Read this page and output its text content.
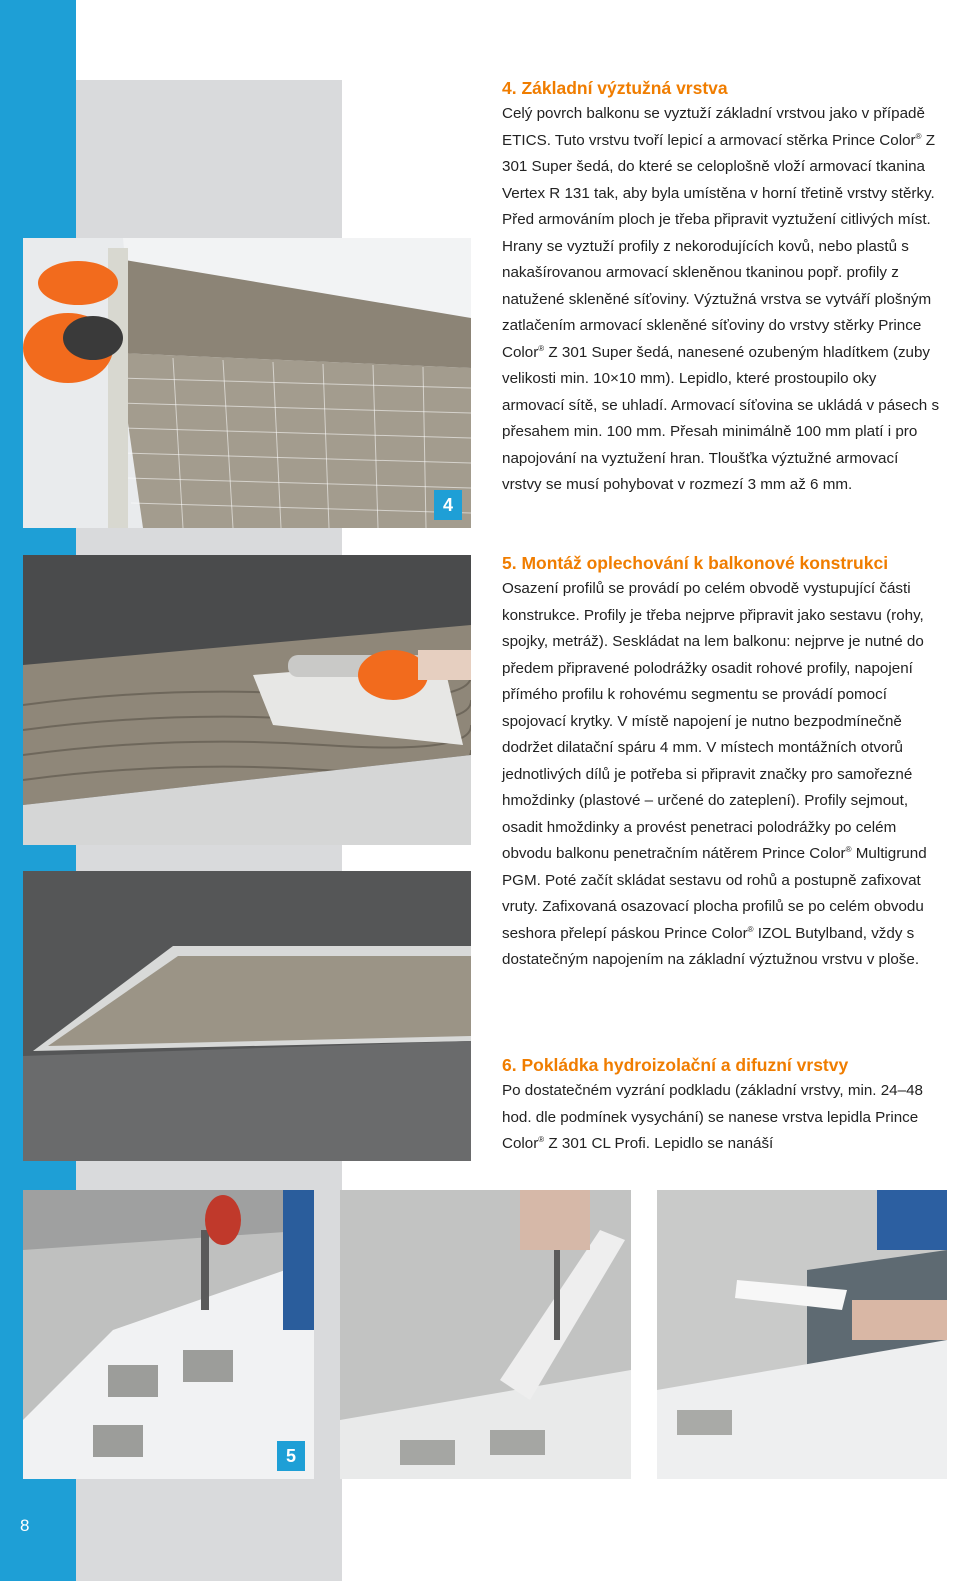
8
4
5
4. Základní výztužná vrstva

Celý povrch balkonu se vyztuží základní vrstvou jako v případě ETICS. Tuto vrstvu tvoří lepicí a armovací stěrka Prince Color® Z 301 Super šedá, do které se celoplošně vloží armovací tkanina Vertex R 131 tak, aby byla umístěna v horní třetině vrstvy stěrky. Před armováním ploch je třeba připravit vyztužení citlivých míst. Hrany se vyztuží profily z nekorodujících kovů, nebo plastů s nakašírovanou armovací skleněnou tkaninou popř. profily z natužené skleněné síťoviny. Výztužná vrstva se vytváří plošným zatlačením armovací skleněné síťoviny do vrstvy stěrky Prince Color® Z 301 Super šedá, nanesené ozubeným hladítkem (zuby velikosti min. 10×10 mm). Lepidlo, které prostoupilo oky armovací sítě, se uhladí. Armovací síťovina se ukládá v pásech s přesahem min. 100 mm. Přesah minimálně 100 mm platí i pro napojování na vyztužení hran. Tloušťka výztužné armovací vrstvy se musí pohybovat v rozmezí 3 mm až 6 mm.

5. Montáž oplechování k balkonové konstrukci

Osazení profilů se provádí po celém obvodě vystupující části konstrukce. Profily je třeba nejprve připravit jako sestavu (rohy, spojky, metráž). Seskládat na lem balkonu: nejprve je nutné do předem připravené polodrážky osadit rohové profily, napojení přímého profilu k rohovému segmentu se provádí pomocí spojovací krytky. V místě napojení je nutno bezpodmínečně dodržet dilatační spáru 4 mm. V místech montážních otvorů jednotlivých dílů je potřeba si připravit značky pro samořezné hmoždinky (plastové – určené do zateplení). Profily sejmout, osadit hmoždinky a provést penetraci polodrážky po celém obvodu balkonu penetračním nátěrem Prince Color® Multigrund PGM. Poté začít skládat sestavu od rohů a postupně zafixovat vruty. Zafixovaná osazovací plocha profilů se po celém obvodu seshora přelepí páskou Prince Color® IZOL Butylband, vždy s dostatečným napojením na základní výztužnou vrstvu v ploše.

6. Pokládka hydroizolační a difuzní vrstvy

Po dostatečném vyzrání podkladu (základní vrstvy, min. 24–48 hod. dle podmínek vysychání) se nanese vrstva lepidla Prince Color® Z 301 CL Profi. Lepidlo se nanáší
